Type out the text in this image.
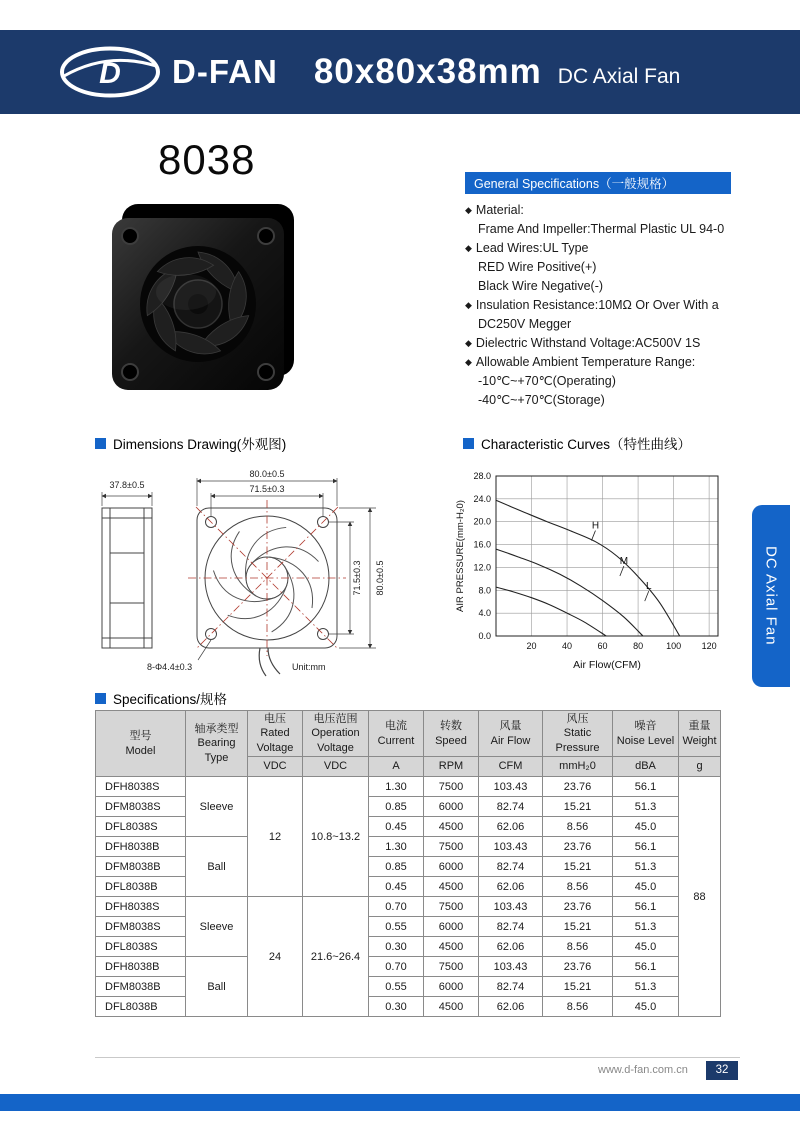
D D-FAN 80x80x38mm DC Axial Fan
8038
General Specifications（一般规格）
◆ Material:
Frame And Impeller:Thermal Plastic UL 94-0
◆ Lead Wires:UL Type
RED Wire Positive(+)
Black Wire Negative(-)
◆ Insulation Resistance:10MΩ Or Over With a
DC250V Megger
◆ Dielectric Withstand Voltage:AC500V 1S
◆ Allowable Ambient Temperature Range:
-10℃~+70℃(Operating)
-40℃~+70℃(Storage)
Dimensions Drawing(外观图)	Characteristic Curves（特性曲线）
37.8±0.5
80.0±0.5
71.5±0.3
71.5±0.3 80.0±0.5
8-Φ4.4±0.3	Unit:mm
AIR PRESSURE(mm-H₂0)
Air Flow(CFM)
20	40	60	80	100 120
0.0
4.0
8.0
12.0
16.0
20.0
24.0
28.0
H
M
L	DC Axial Fan
Specifications/规格
型号
Model	轴承类型
Bearing
Type	电压
Rated
Voltage	电压范围
Operation
Voltage	电流
Current	转数
Speed	风量
Air Flow	风压
Static
Pressure	噪音
Noise Level	重量
Weight
		VDC	VDC	A	RPM	CFM	mmH₂0	dBA	g
DFH8038S	Sleeve	12	10.8~13.2	1.30	7500	103.43	23.76	56.1	88
DFM8038S				0.85	6000	82.74	15.21	51.3	
DFL8038S				0.45	4500	62.06	8.56	45.0	
DFH8038B	Ball			1.30	7500	103.43	23.76	56.1	
DFM8038B				0.85	6000	82.74	15.21	51.3	
DFL8038B				0.45	4500	62.06	8.56	45.0	
DFH8038S	Sleeve	24	21.6~26.4	0.70	7500	103.43	23.76	56.1	
DFM8038S				0.55	6000	82.74	15.21	51.3	
DFL8038S				0.30	4500	62.06	8.56	45.0	
DFH8038B	Ball			0.70	7500	103.43	23.76	56.1	
DFM8038B				0.55	6000	82.74	15.21	51.3	
DFL8038B				0.30	4500	62.06	8.56	45.0	
www.d-fan.com.cn	32
